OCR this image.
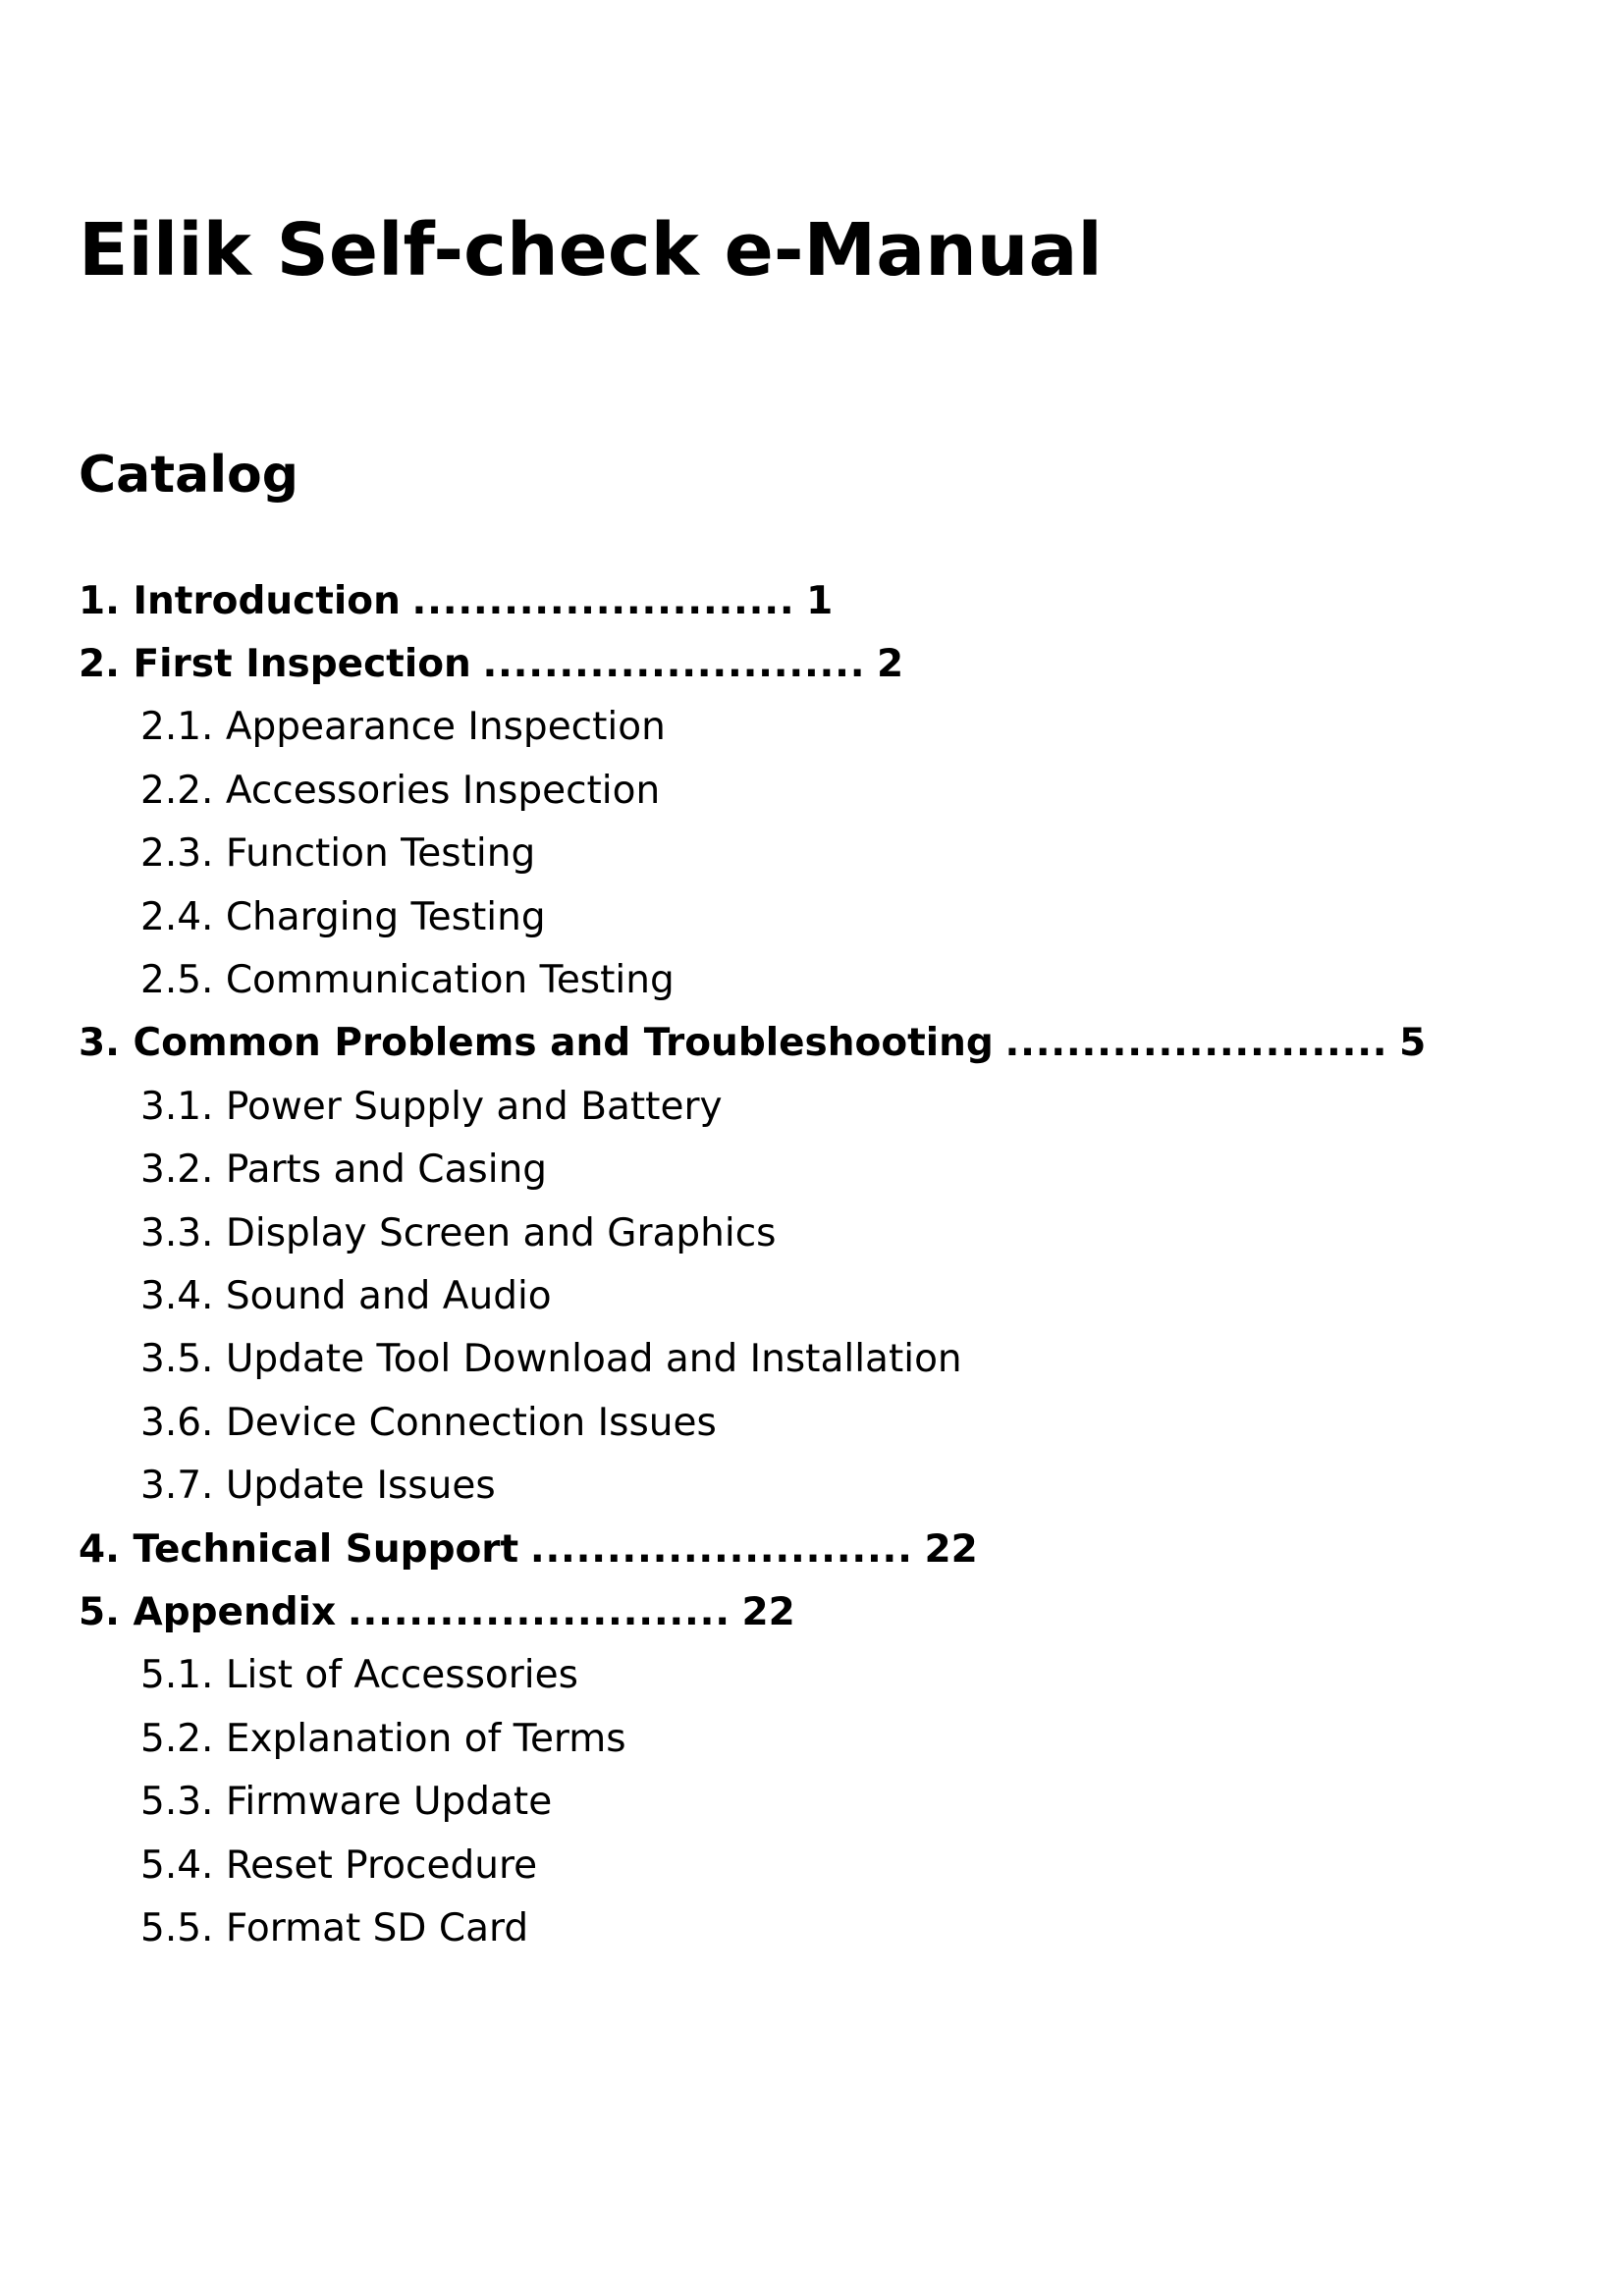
Eilik Self-check e-Manual
Catalog
1.
Introduction ......................... 1
2.
First Inspection ......................... 2
2.1.
Appearance Inspection
2.2.
Accessories Inspection
2.3.
Function Testing
2.4.
Charging Testing
2.5.
Communication Testing
3.
Common Problems and Troubleshooting ......................... 5
3.1.
Power Supply and Battery
3.2.
Parts and Casing
3.3.
Display Screen and Graphics
3.4.
Sound and Audio
3.5.
Update Tool Download and Installation
3.6.
Device Connection Issues
3.7.
Update Issues
4.
Technical Support ......................... 22
5.
Appendix ......................... 22
5.1.
List of Accessories
5.2.
Explanation of Terms
5.3.
Firmware Update
5.4.
Reset Procedure
5.5.
Format SD Card
